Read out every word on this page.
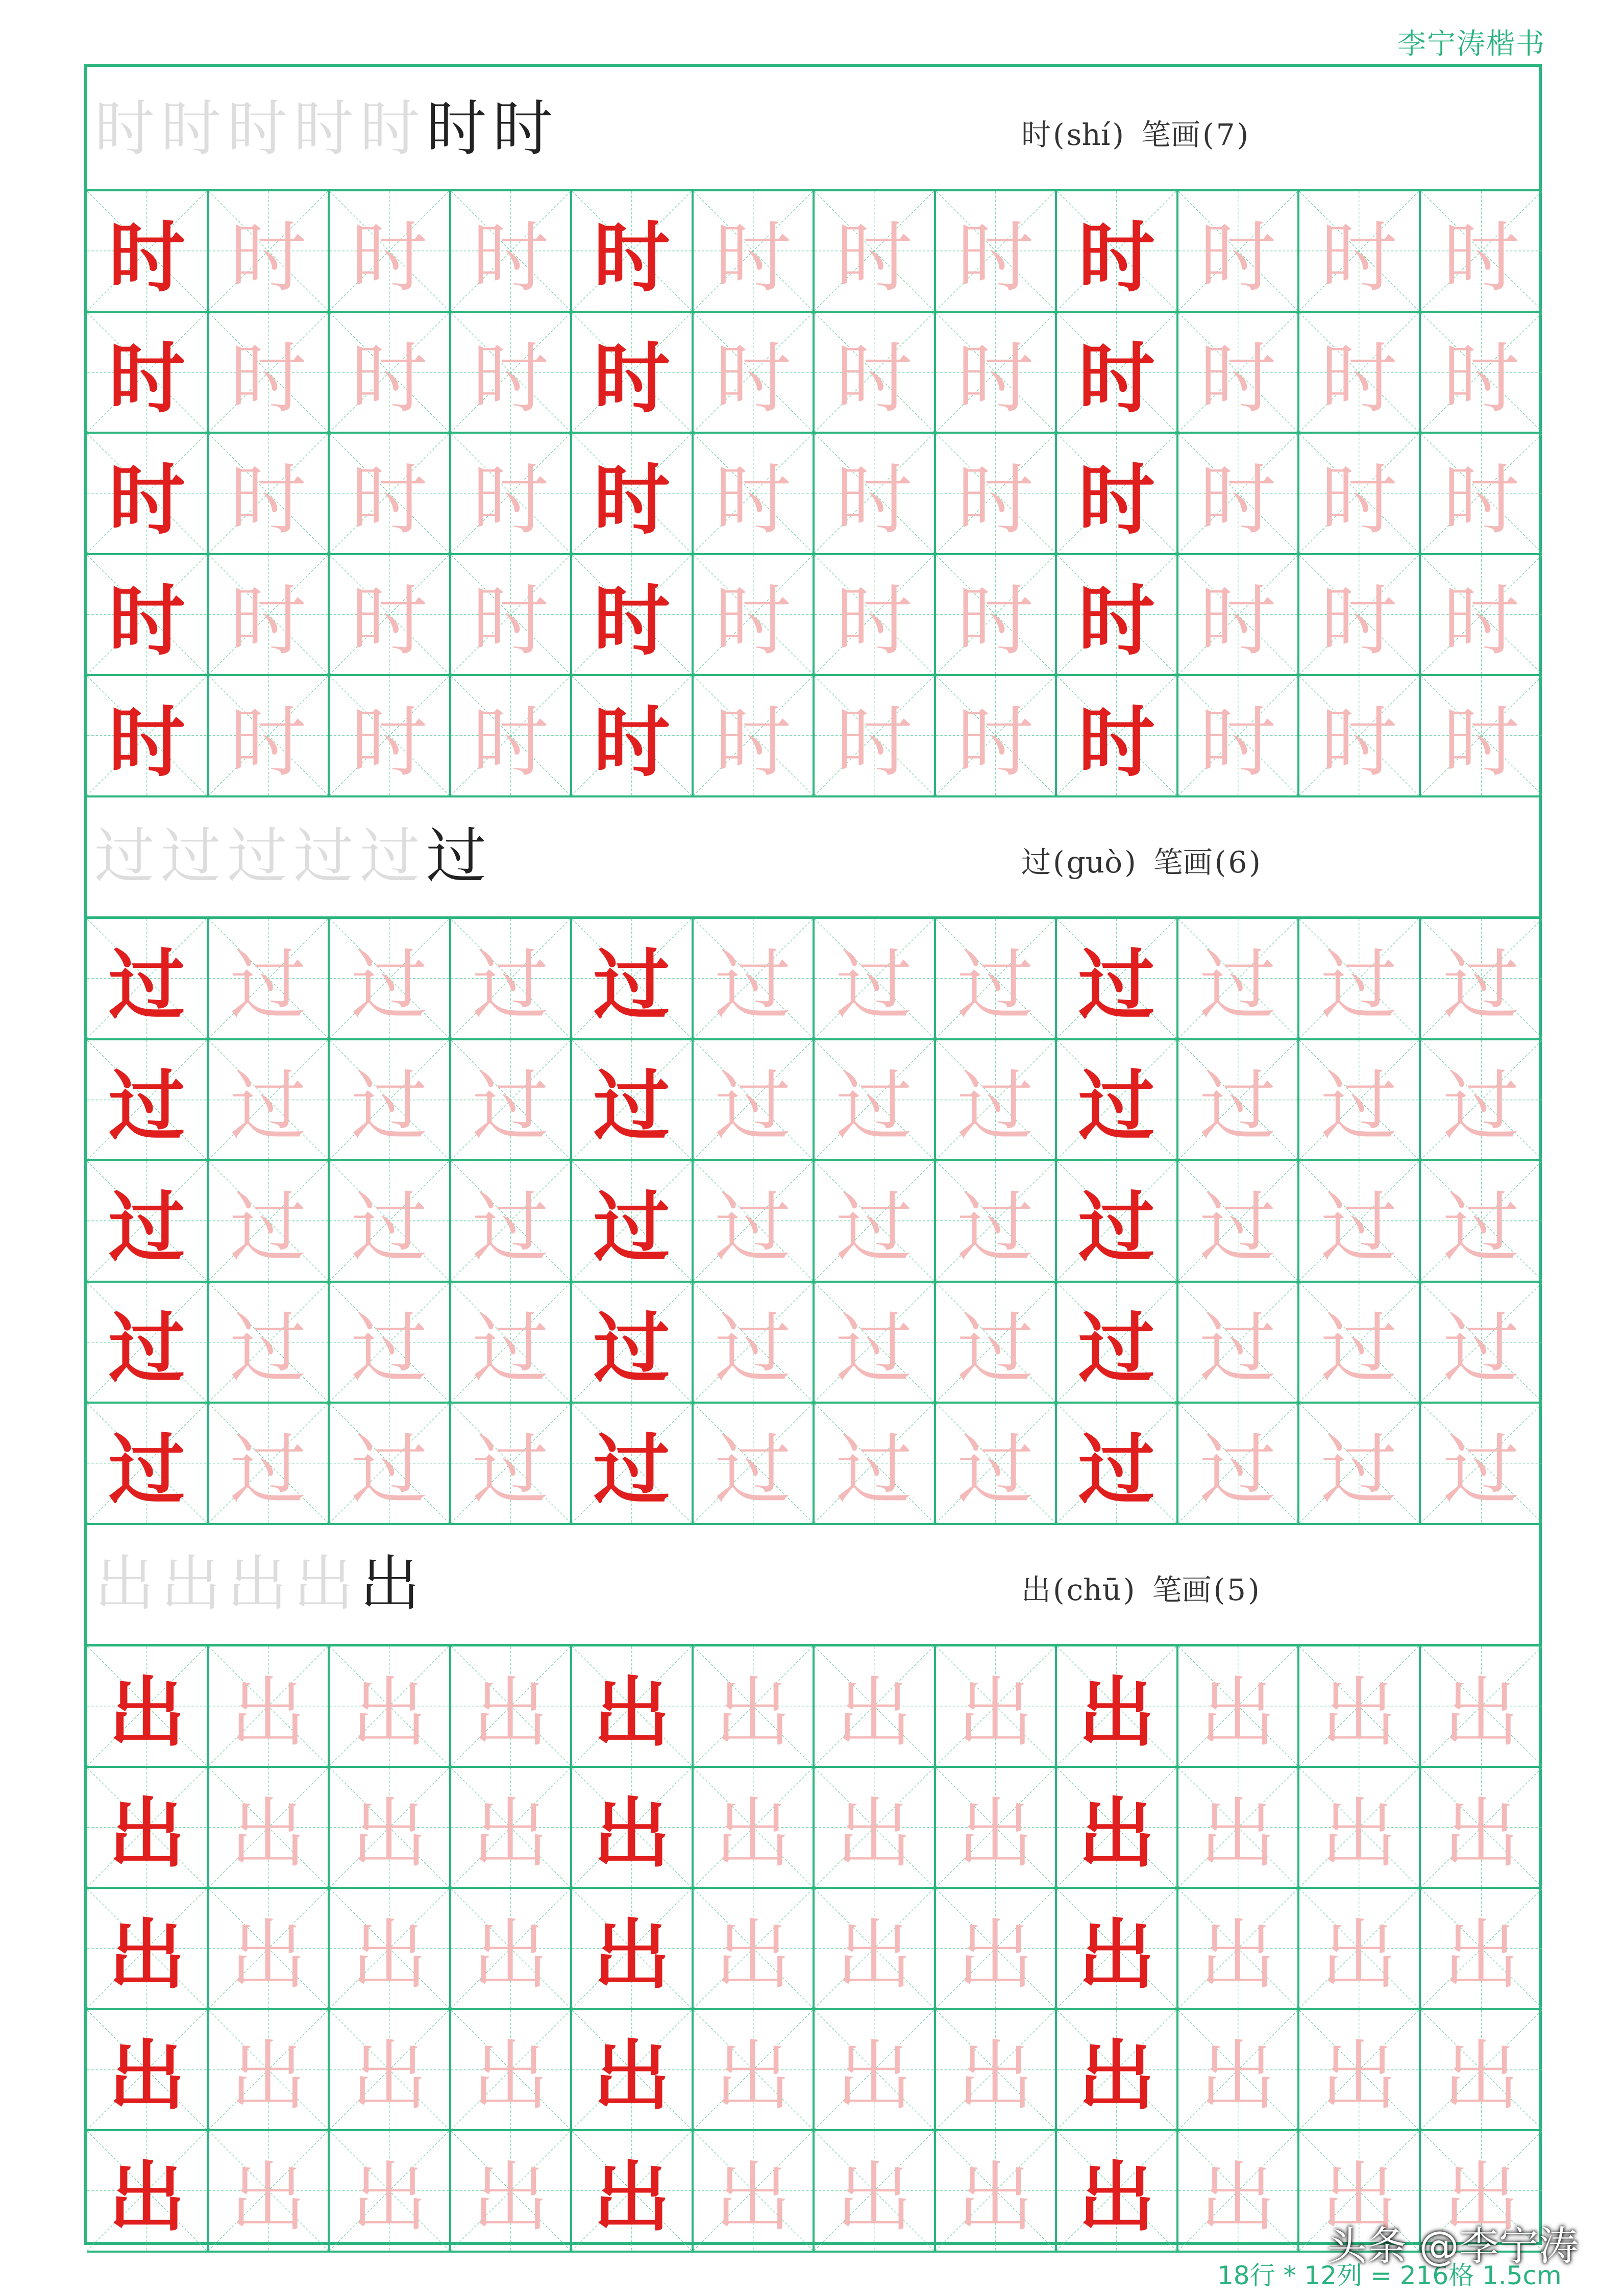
李宁涛楷书
时 时 时 时 时 时 时	时 ( shí ) 笔画 ( 7 )
时 时 时 时 时 时 时 时 时 时 时 时
时 时 时 时 时 时 时 时 时 时 时 时
时 时 时 时 时 时 时 时 时 时 时 时
时 时 时 时 时 时 时 时 时 时 时 时
时 时 时 时 时 时 时 时 时 时 时 时
过 过 过 过 过 过	过 ( guò ) 笔画 ( 6 )
过 过 过 过 过 过 过 过 过 过 过 过
过 过 过 过 过 过 过 过 过 过 过 过
过 过 过 过 过 过 过 过 过 过 过 过
过 过 过 过 过 过 过 过 过 过 过 过
过 过 过 过 过 过 过 过 过 过 过 过
出 出 出 出 出	出 ( chū ) 笔画 ( 5 )
出 出 出 出 出 出 出 出 出 出 出 出
出 出 出 出 出 出 出 出 出 出 出 出
出 出 出 出 出 出 出 出 出 出 出 出
出 出 出 出 出 出 出 出 出 出 出 出
出 出 出 出 出 出 出 出 出 出 出 出
18行 * 12列 = 216格 1.5cm
头条 @李宁涛
